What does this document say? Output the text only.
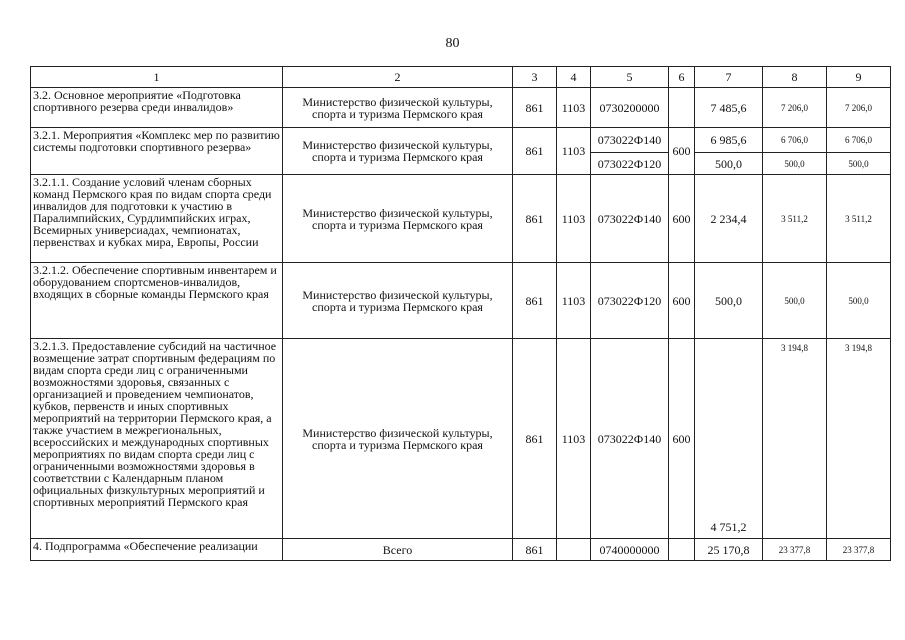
80
1	2	3	4	5	6	7	8	9
3.2. Основное мероприятие «Подготовка спортивного резерва среди инвалидов»	Министерство физической культуры, спорта и туризма Пермского края	861	1103	0730200000		7 485,6	7 206,0	7 206,0
3.2.1. Мероприятия «Комплекс мер по развитию системы подготовки спортивного резерва»	Министерство физической культуры, спорта и туризма Пермского края	861	1103	073022Ф140	600	6 985,6	6 706,0	6 706,0
				073022Ф120		500,0	500,0	500,0
3.2.1.1. Создание условий членам сборных команд Пермского края по видам спорта среди инвалидов для подготовки к участию в Паралимпийских, Сурдлимпийских играх, Всемирных универсиадах, чемпионатах, первенствах и кубках мира, Европы, России	Министерство физической культуры, спорта и туризма Пермского края	861	1103	073022Ф140	600	2 234,4	3 511,2	3 511,2
3.2.1.2. Обеспечение спортивным инвентарем и оборудованием спортсменов-инвалидов, входящих в сборные команды Пермского края	Министерство физической культуры, спорта и туризма Пермского края	861	1103	073022Ф120	600	500,0	500,0	500,0
3.2.1.3. Предоставление субсидий на частичное возмещение затрат спортивным федерациям по видам спорта среди лиц с ограниченными возможностями здоровья, связанных с организацией и проведением чемпионатов, кубков, первенств и иных спортивных мероприятий на территории Пермского края, а также участием в межрегиональных, всероссийских и международных спортивных мероприятиях по видам спорта среди лиц с ограниченными возможностями здоровья в соответствии с Календарным планом официальных физкультурных мероприятий и спортивных мероприятий Пермского края	Министерство физической культуры, спорта и туризма Пермского края	861	1103	073022Ф140	600	4 751,2	3 194,8	3 194,8
4. Подпрограмма «Обеспечение реализации	Всего	861		0740000000		25 170,8	23 377,8	23 377,8
